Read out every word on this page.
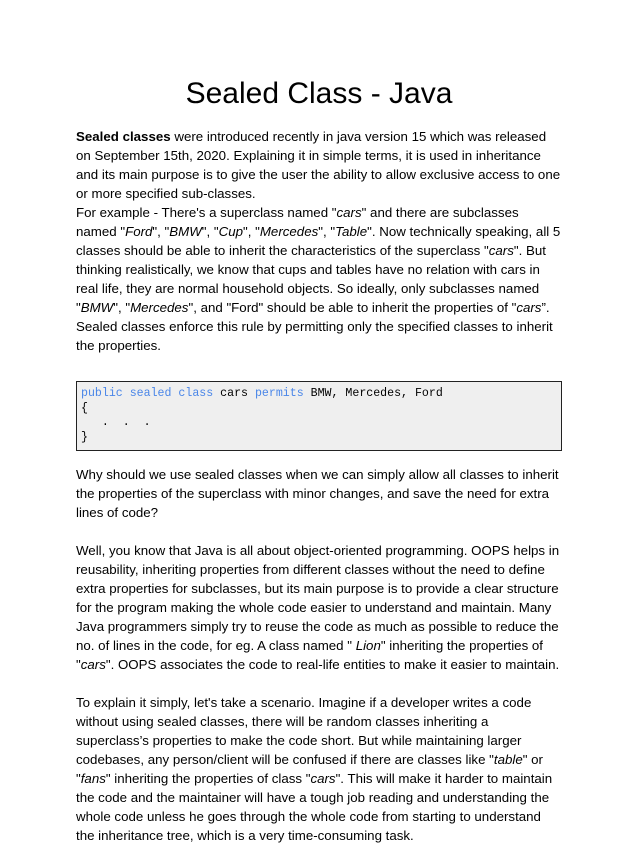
Sealed Class - Java

Sealed classes were introduced recently in java version 15 which was released on September 15th, 2020. Explaining it in simple terms, it is used in inheritance and its main purpose is to give the user the ability to allow exclusive access to one or more specified sub-classes.

For example - There's a superclass named "cars" and there are subclasses named "Ford", "BMW", "Cup", "Mercedes", "Table". Now technically speaking, all 5 classes should be able to inherit the characteristics of the superclass "cars". But thinking realistically, we know that cups and tables have no relation with cars in real life, they are normal household objects. So ideally, only subclasses named "BMW", "Mercedes", and "Ford" should be able to inherit the properties of "cars”. Sealed classes enforce this rule by permitting only the specified classes to inherit the properties.

public sealed class cars permits BMW, Mercedes, Ford
{
.  .  .
}

Why should we use sealed classes when we can simply allow all classes to inherit the properties of the superclass with minor changes, and save the need for extra lines of code?

Well, you know that Java is all about object-oriented programming. OOPS helps in reusability, inheriting properties from different classes without the need to define extra properties for subclasses, but its main purpose is to provide a clear structure for the program making the whole code easier to understand and maintain. Many Java programmers simply try to reuse the code as much as possible to reduce the no. of lines in the code, for eg. A class named " Lion" inheriting the properties of "cars". OOPS associates the code to real-life entities to make it easier to maintain.

To explain it simply, let's take a scenario. Imagine if a developer writes a code without using sealed classes, there will be random classes inheriting a superclass’s properties to make the code short. But while maintaining larger codebases, any person/client will be confused if there are classes like "table" or "fans" inheriting the properties of class "cars". This will make it harder to maintain the code and the maintainer will have a tough job reading and understanding the whole code unless he goes through the whole code from starting to understand the inheritance tree, which is a very time-consuming task.
